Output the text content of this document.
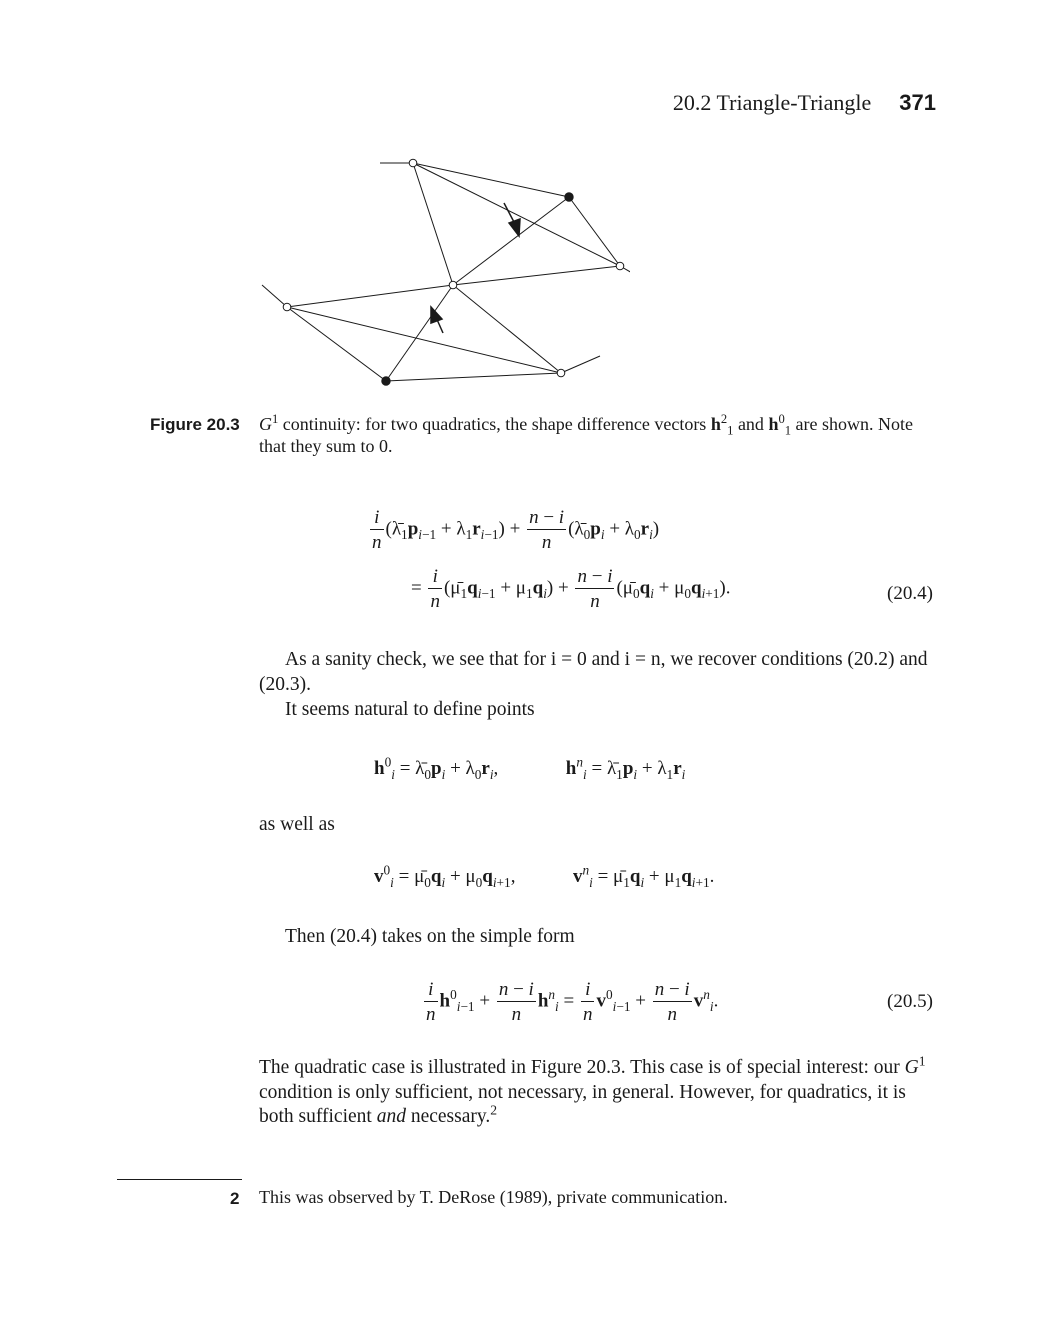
20.2 Triangle-Triangle 371
Figure 20.3 $G^1$ continuity: for two quadratics, the shape difference vectors $h^2_1$ and $h^0_1$ are shown. Note that they sum to 0.
$\frac{i}{n}$ $(\lambdā_1p_{i-1} + \lambda_1r_{i-1}) + \frac{n - i}{n}$ $(\lambdā_0p_i + \lambda_0r_i)$
= $\frac{i}{n}$ $(\mū_1q_{i-1} + \mu_1q_i) + \frac{n - i}{n}$ $(\mū_0q_i + \mu_0q_{i+1})$.	(20.4)
As a sanity check, we see that for i = 0 and i = n, we recover conditions (20.2) and (20.3).
It seems natural to define points
$h^0_i$ = $\lambdā_0p_i + \lambda_0r_i$,	$h^n_i$ = $\lambdā_1p_i + \lambda_1r_i$
as well as
$v^0_i$ = $\mū_0q_i + \mu_0q_{i+1}$,	$v^n_i$ = $\mū_1q_i + \mu_1q_{i+1}$.
Then (20.4) takes on the simple form
$\frac{i}{n} h^0_{i-1} + \frac{n - i}{n} h^n_i = \frac{i}{n} v^0_{i-1} + \frac{n - i}{n} v^n_i$.	(20.5)
The quadratic case is illustrated in Figure 20.3. This case is of special interest: our $G^1$ condition is only sufficient, not necessary, in general. However, for quadratics, it is both sufficient and necessary.$^2$
2 This was observed by T. DeRose (1989), private communication.
